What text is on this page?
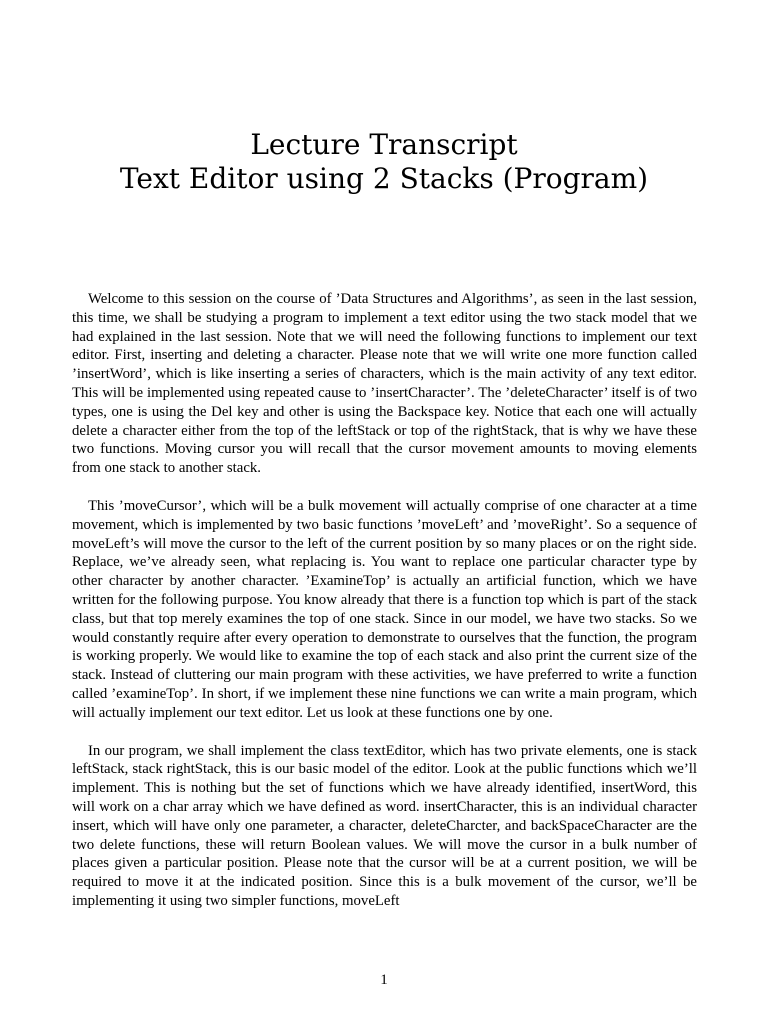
Lecture Transcript
Text Editor using 2 Stacks (Program)

Welcome to this session on the course of ’Data Structures and Algorithms’, as seen in the last session, this time, we shall be studying a program to implement a text editor using the two stack model that we had explained in the last session. Note that we will need the following functions to implement our text editor. First, inserting and deleting a character. Please note that we will write one more function called ’insertWord’, which is like inserting a series of characters, which is the main activity of any text editor. This will be implemented using repeated cause to ’insertCharacter’. The ’deleteCharacter’ itself is of two types, one is using the Del key and other is using the Backspace key. Notice that each one will actually delete a character either from the top of the leftStack or top of the rightStack, that is why we have these two functions. Moving cursor you will recall that the cursor movement amounts to moving elements from one stack to another stack.

This ’moveCursor’, which will be a bulk movement will actually comprise of one character at a time movement, which is implemented by two basic functions ’moveLeft’ and ’moveRight’. So a sequence of moveLeft’s will move the cursor to the left of the current position by so many places or on the right side. Replace, we’ve already seen, what replacing is. You want to replace one particular character type by other character by another character. ’ExamineTop’ is actually an artificial function, which we have written for the following purpose. You know already that there is a function top which is part of the stack class, but that top merely examines the top of one stack. Since in our model, we have two stacks. So we would constantly require after every operation to demonstrate to ourselves that the function, the program is working properly. We would like to examine the top of each stack and also print the current size of the stack. Instead of cluttering our main program with these activities, we have preferred to write a function called ’examineTop’. In short, if we implement these nine functions we can write a main program, which will actually implement our text editor. Let us look at these functions one by one.

In our program, we shall implement the class textEditor, which has two private elements, one is stack leftStack, stack rightStack, this is our basic model of the editor. Look at the public functions which we’ll implement. This is nothing but the set of functions which we have already identified, insertWord, this will work on a char array which we have defined as word. insertCharacter, this is an individual character insert, which will have only one parameter, a character, deleteCharcter, and backSpaceCharacter are the two delete functions, these will return Boolean values. We will move the cursor in a bulk number of places given a particular position. Please note that the cursor will be at a current position, we will be required to move it at the indicated position. Since this is a bulk movement of the cursor, we’ll be implementing it using two simpler functions, moveLeft

1
